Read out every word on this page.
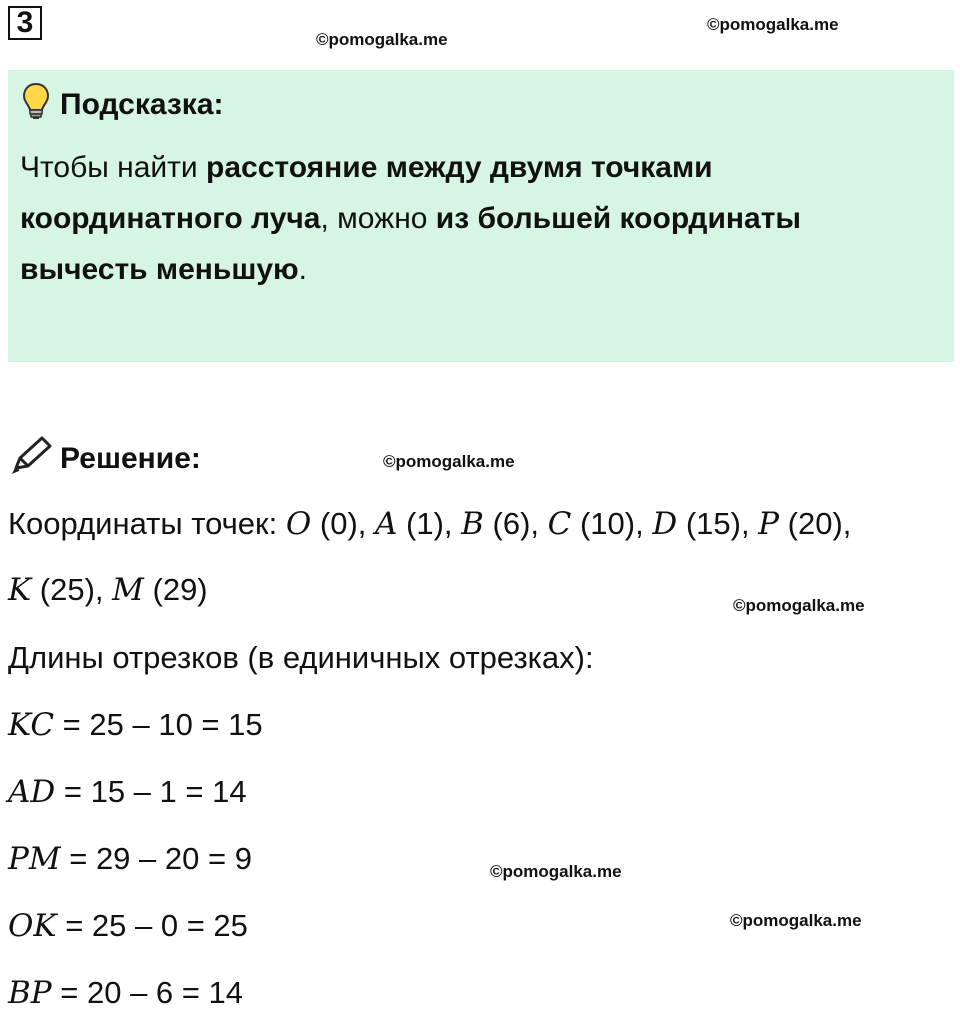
3
©pomogalka.me
©pomogalka.me
©pomogalka.me
©pomogalka.me
©pomogalka.me
©pomogalka.me
Подсказка:
Чтобы найти расстояние между двумя точками координатного луча, можно из большей координаты вычесть меньшую.
Решение:
Координаты точек: O (0), A (1), B (6), C (10), D (15), P (20),
K (25), M (29)
Длины отрезков (в единичных отрезках):
KC = 25 – 10 = 15
AD = 15 – 1 = 14
PM = 29 – 20 = 9
OK = 25 – 0 = 25
BP = 20 – 6 = 14
